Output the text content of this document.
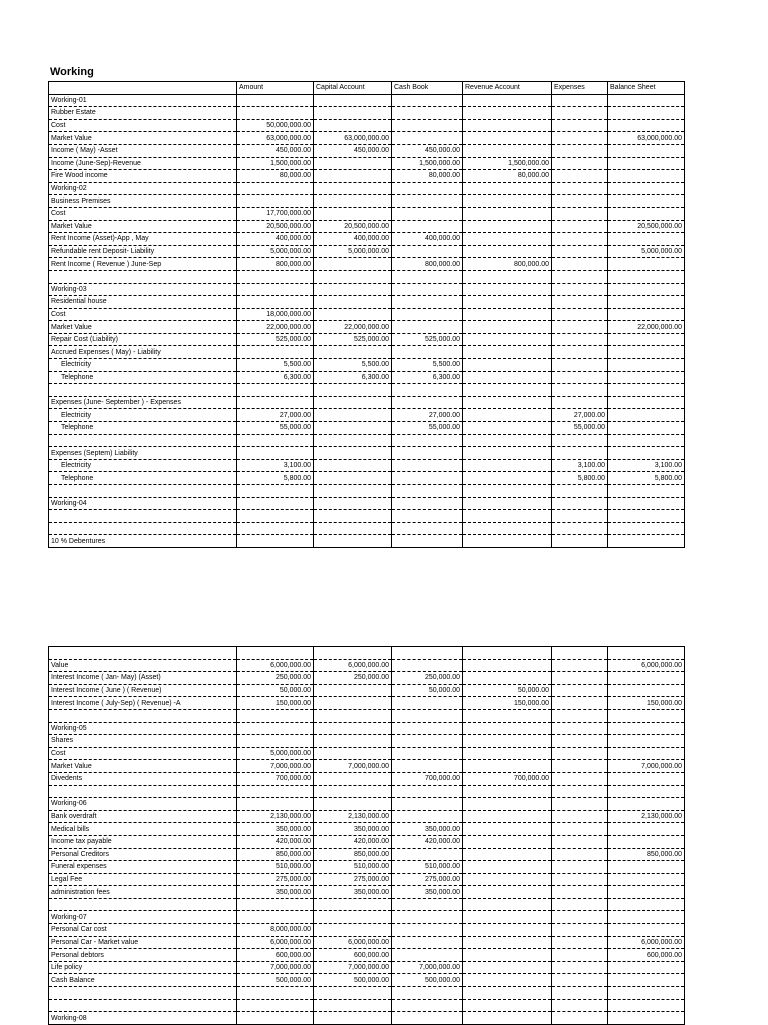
Working
	Amount	Capital Account	Cash Book	Revenue Account	Expenses	Balance Sheet
Working-01						
Rubber Estate						
Cost	50,000,000.00					
Market Value	63,000,000.00	63,000,000.00				63,000,000.00
Income ( May) -Asset	450,000.00	450,000.00	450,000.00			
Income (June-Sep)-Revenue	1,500,000.00		1,500,000.00	1,500,000.00		
Fire Wood income	80,000.00		80,000.00	80,000.00		
Working-02						
Business Premises						
Cost	17,700,000.00					
Market Value	20,500,000.00	20,500,000.00				20,500,000.00
Rent Income (Asset)-App , May	400,000.00	400,000.00	400,000.00			
Refundable rent Deposit- Liability	5,000,000.00	5,000,000.00				5,000,000.00
Rent Income ( Revenue ) June-Sep	800,000.00		800,000.00	800,000.00		

Working-03						
Residential house						
Cost	18,000,000.00					
Market Value	22,000,000.00	22,000,000.00				22,000,000.00
Repair Cost (Liability)	525,000.00	525,000.00	525,000.00			
Accrued Expenses ( May) - Liability						
Electricity	5,500.00	5,500.00	5,500.00			
Telephone	6,300.00	6,300.00	6,300.00			

Expenses (June- September ) - Expenses						
Electricity	27,000.00		27,000.00		27,000.00	
Telephone	55,000.00		55,000.00		55,000.00	

Expenses (Septem) Liability						
Electricity	3,100.00				3,100.00	3,100.00
Telephone	5,800.00				5,800.00	5,800.00

Working-04						

10 % Debentures						

Value	6,000,000.00	6,000,000.00				6,000,000.00
Interest Income ( Jan- May) (Asset)	250,000.00	250,000.00	250,000.00			
Interest Income ( June ) ( Revenue)	50,000.00		50,000.00	50,000.00		
Interest Income ( July-Sep) ( Revenue) -A	150,000.00			150,000.00		150,000.00

Working-05						
Shares						
Cost	5,000,000.00					
Market Value	7,000,000.00	7,000,000.00				7,000,000.00
Divedents	700,000.00		700,000.00	700,000.00		

Working-06						
Bank overdraft	2,130,000.00	2,130,000.00				2,130,000.00
Medical bills	350,000.00	350,000.00	350,000.00			
Income tax payable	420,000.00	420,000.00	420,000.00			
Personal Creditors	850,000.00	850,000.00				850,000.00
Funeral expenses	510,000.00	510,000.00	510,000.00			
Legal Fee	275,000.00	275,000.00	275,000.00			
administration fees	350,000.00	350,000.00	350,000.00			

Working-07						
Personal Car cost	8,000,000.00					
Personal Car - Market value	6,000,000.00	6,000,000.00				6,000,000.00
Personal debtors	600,000.00	600,000.00				600,000.00
Life policy	7,000,000.00	7,000,000.00	7,000,000.00			
Cash Balance	500,000.00	500,000.00	500,000.00			

Working-08						
